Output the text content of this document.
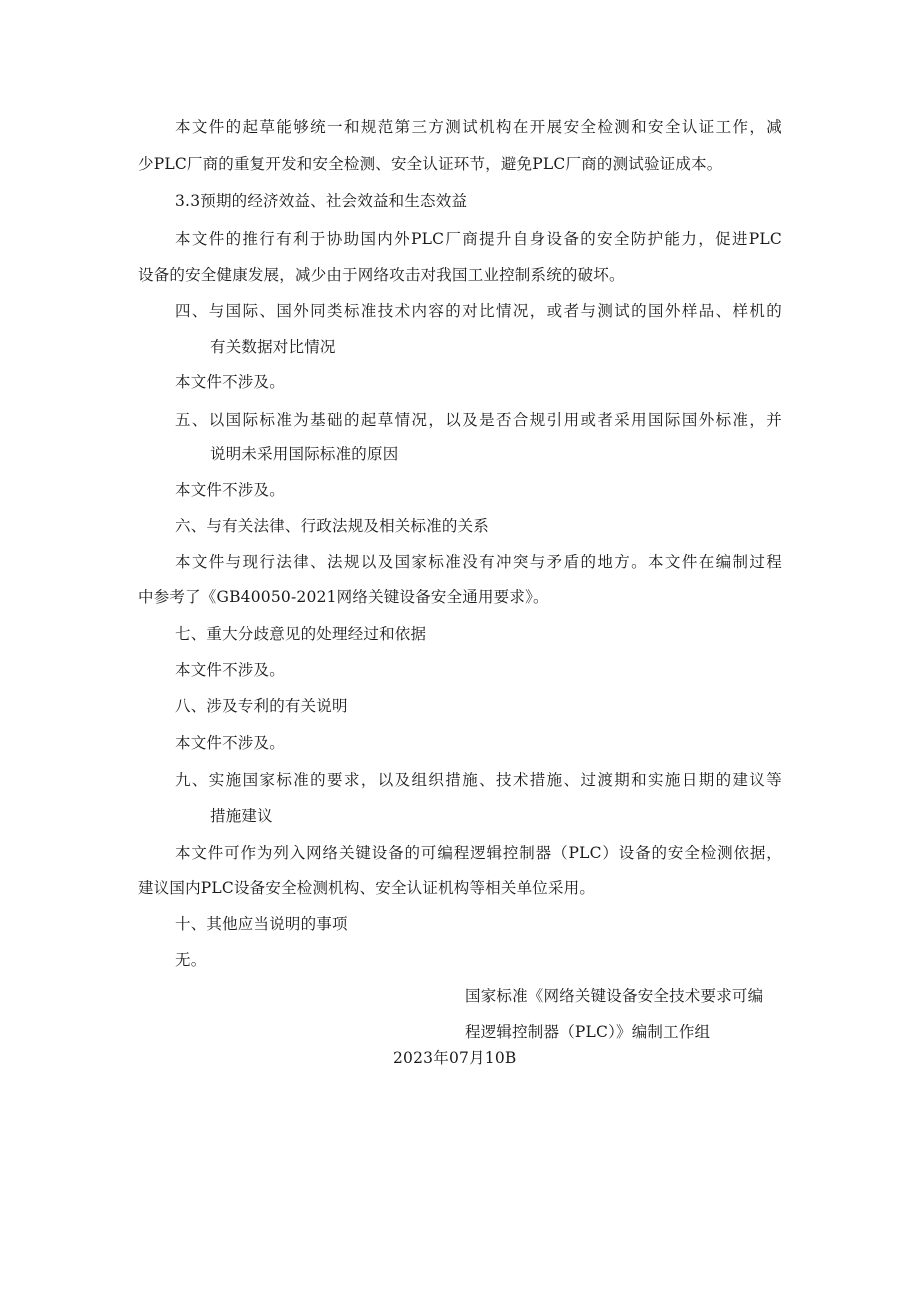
本文件的起草能够统一和规范第三方测试机构在开展安全检测和安全认证工作，减
少PLC厂商的重复开发和安全检测、安全认证环节，避免PLC厂商的测试验证成本。
3.3预期的经济效益、社会效益和生态效益
本文件的推行有利于协助国内外PLC厂商提升自身设备的安全防护能力，促进PLC
设备的安全健康发展，减少由于网络攻击对我国工业控制系统的破坏。
四、与国际、国外同类标准技术内容的对比情况，或者与测试的国外样品、样机的
有关数据对比情况
本文件不涉及。
五、以国际标准为基础的起草情况，以及是否合规引用或者采用国际国外标准，并
说明未采用国际标准的原因
本文件不涉及。
六、与有关法律、行政法规及相关标准的关系
本文件与现行法律、法规以及国家标准没有冲突与矛盾的地方。本文件在编制过程
中参考了《GB40050-2021网络关键设备安全通用要求》。
七、重大分歧意见的处理经过和依据
本文件不涉及。
八、涉及专利的有关说明
本文件不涉及。
九、实施国家标准的要求，以及组织措施、技术措施、过渡期和实施日期的建议等
措施建议
本文件可作为列入网络关键设备的可编程逻辑控制器（PLC）设备的安全检测依据，
建议国内PLC设备安全检测机构、安全认证机构等相关单位采用。
十、其他应当说明的事项
无。
国家标准《网络关键设备安全技术要求可编
程逻辑控制器（PLC）》编制工作组
2023年07月10B
